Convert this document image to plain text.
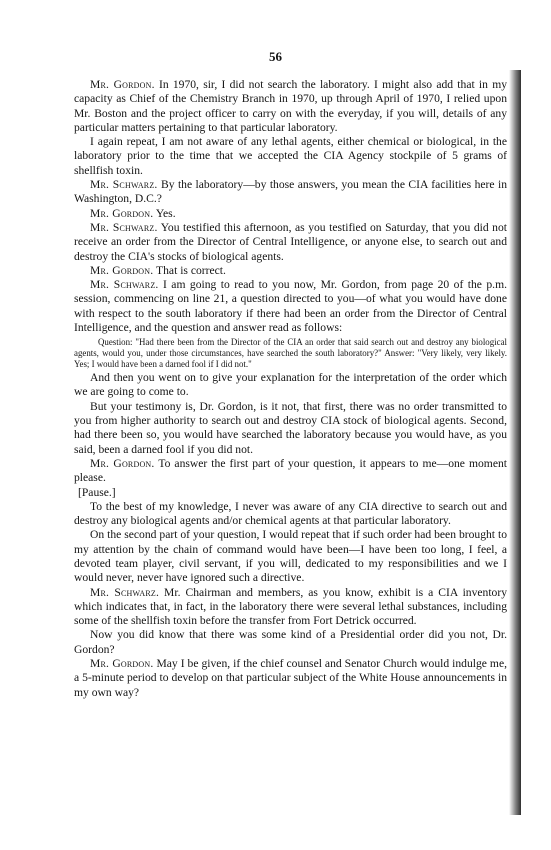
56

Mr. Gordon. In 1970, sir, I did not search the laboratory. I might also add that in my capacity as Chief of the Chemistry Branch in 1970, up through April of 1970, I relied upon Mr. Boston and the project officer to carry on with the everyday, if you will, details of any particular matters pertaining to that particular laboratory.

I again repeat, I am not aware of any lethal agents, either chemical or biological, in the laboratory prior to the time that we accepted the CIA Agency stockpile of 5 grams of shellfish toxin.

Mr. Schwarz. By the laboratory—by those answers, you mean the CIA facilities here in Washington, D.C.?

Mr. Gordon. Yes.

Mr. Schwarz. You testified this afternoon, as you testified on Saturday, that you did not receive an order from the Director of Central Intelligence, or anyone else, to search out and destroy the CIA's stocks of biological agents.

Mr. Gordon. That is correct.

Mr. Schwarz. I am going to read to you now, Mr. Gordon, from page 20 of the p.m. session, commencing on line 21, a question directed to you—of what you would have done with respect to the south laboratory if there had been an order from the Director of Central Intelligence, and the question and answer read as follows:

Question: "Had there been from the Director of the CIA an order that said search out and destroy any biological agents, would you, under those circumstances, have searched the south laboratory?" Answer: "Very likely, very likely. Yes; I would have been a darned fool if I did not."

And then you went on to give your explanation for the interpretation of the order which we are going to come to.

But your testimony is, Dr. Gordon, is it not, that first, there was no order transmitted to you from higher authority to search out and destroy CIA stock of biological agents. Second, had there been so, you would have searched the laboratory because you would have, as you said, been a darned fool if you did not.

Mr. Gordon. To answer the first part of your question, it appears to me—one moment please.

[Pause.]

To the best of my knowledge, I never was aware of any CIA directive to search out and destroy any biological agents and/or chemical agents at that particular laboratory.

On the second part of your question, I would repeat that if such order had been brought to my attention by the chain of command would have been—I have been too long, I feel, a devoted team player, civil servant, if you will, dedicated to my responsibilities and we I would never, never have ignored such a directive.

Mr. Schwarz. Mr. Chairman and members, as you know, exhibit is a CIA inventory which indicates that, in fact, in the laboratory there were several lethal substances, including some of the shellfish toxin before the transfer from Fort Detrick occurred.

Now you did know that there was some kind of a Presidential order did you not, Dr. Gordon?

Mr. Gordon. May I be given, if the chief counsel and Senator Church would indulge me, a 5-minute period to develop on that particular subject of the White House announcements in my own way?
